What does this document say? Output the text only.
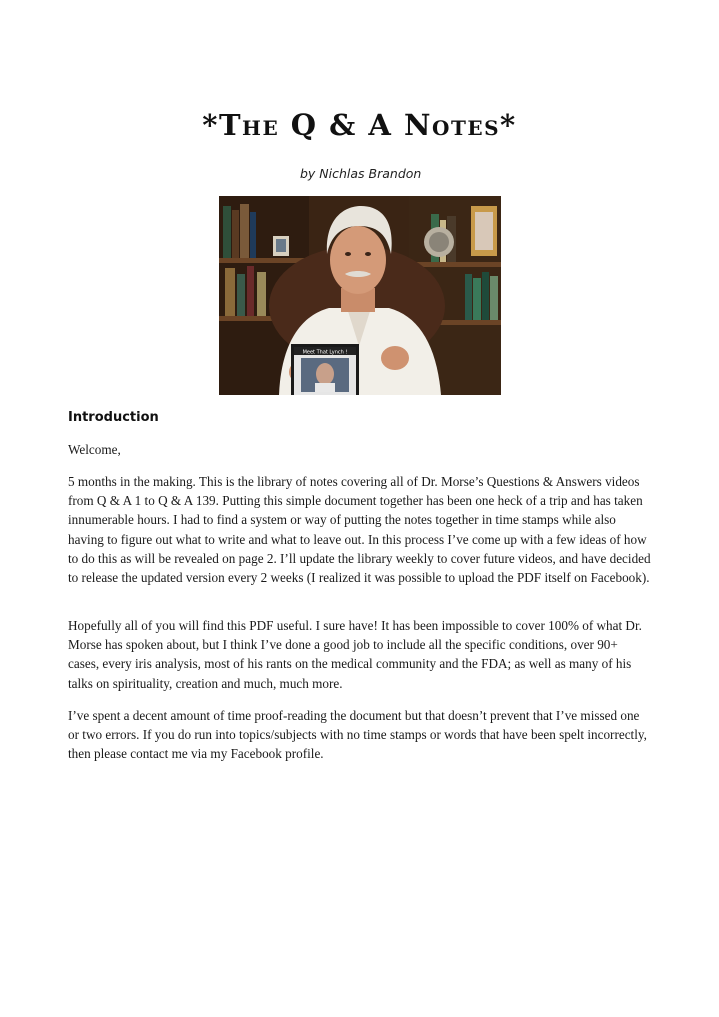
*The Q & A Notes*
by Nichlas Brandon
Meet That Lynch !
Introduction

Welcome,

5 months in the making. This is the library of notes covering all of Dr. Morse’s Questions & Answers videos from Q & A 1 to Q & A 139. Putting this simple document together has been one heck of a trip and has taken innumerable hours. I had to find a system or way of putting the notes together in time stamps while also having to figure out what to write and what to leave out. In this process I’ve come up with a few ideas of how to do this as will be revealed on page 2. I’ll update the library weekly to cover future videos, and have decided to release the updated version every 2 weeks (I realized it was possible to upload the PDF itself on Facebook).

Hopefully all of you will find this PDF useful. I sure have! It has been impossible to cover 100% of what Dr. Morse has spoken about, but I think I’ve done a good job to include all the specific conditions, over 90+ cases, every iris analysis, most of his rants on the medical community and the FDA; as well as many of his talks on spirituality, creation and much, much more.

I’ve spent a decent amount of time proof-reading the document but that doesn’t prevent that I’ve missed one or two errors. If you do run into topics/subjects with no time stamps or words that have been spelt incorrectly, then please contact me via my Facebook profile.
